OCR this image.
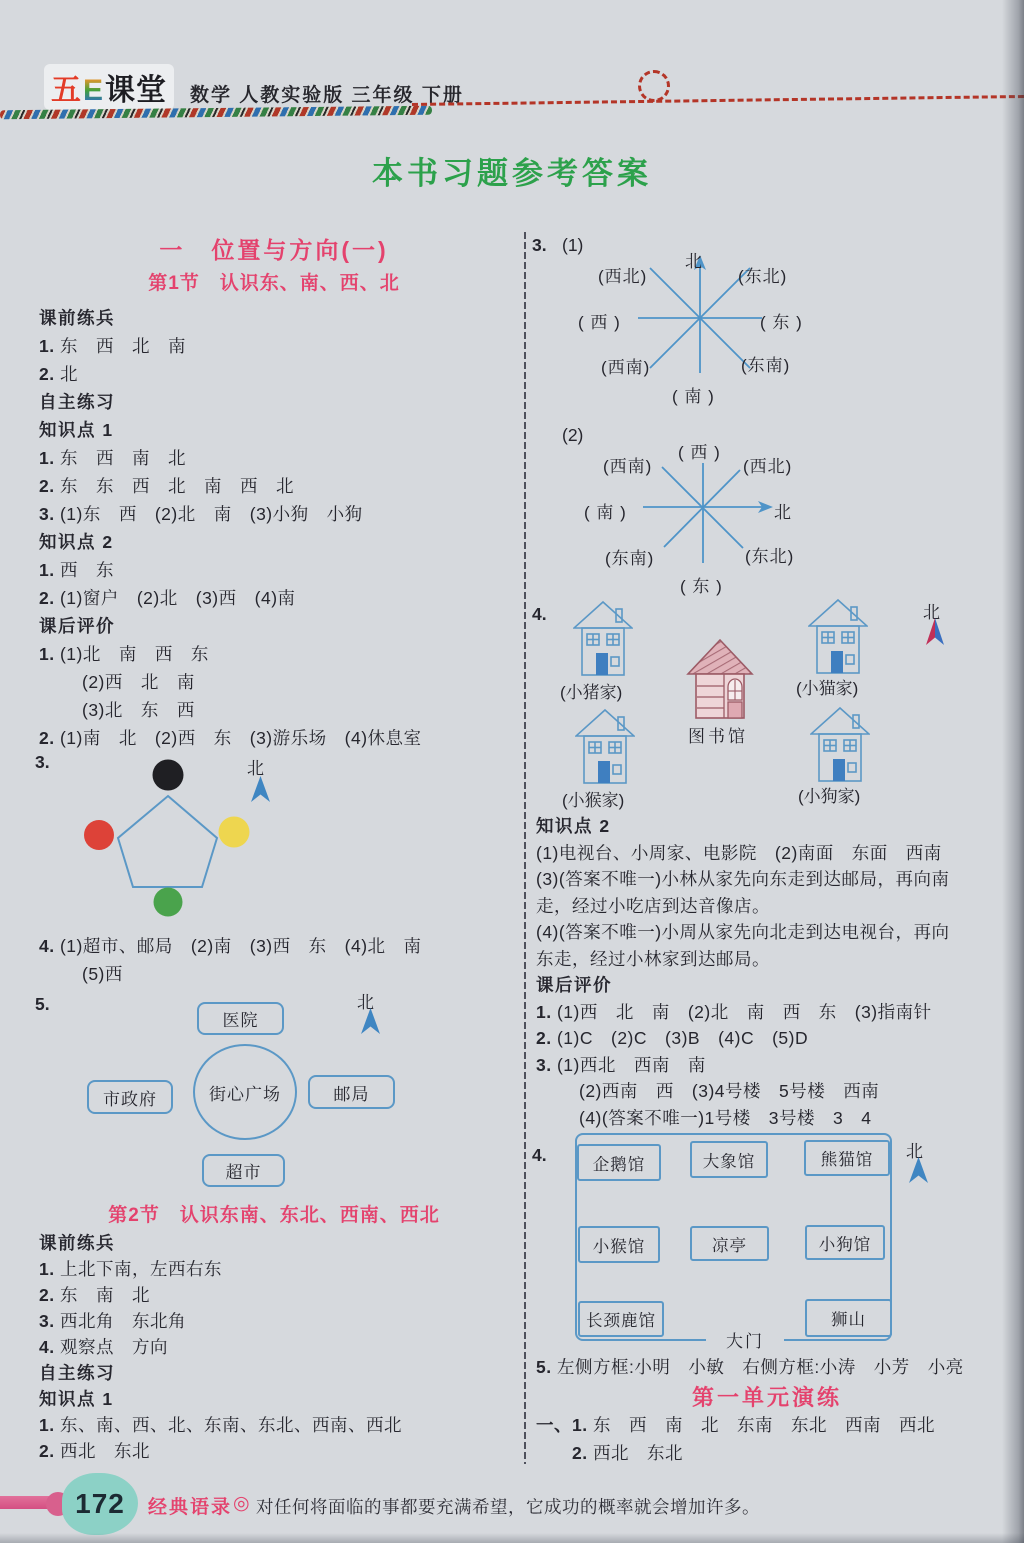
五E课堂	数学 人教实验版 三年级 下册
本书习题参考答案
一　位置与方向(一)
第1节　认识东、南、西、北
课前练兵
1. 东　西　北　南
2. 北
自主练习
知识点 1
1. 东　西　南　北
2. 东　东　西　北　南　西　北
3. (1)东　西　(2)北　南　(3)小狗　小狗
知识点 2
1. 西　东
2. (1)窗户　(2)北　(3)西　(4)南
课后评价
1. (1)北　南　西　东
(2)西　北　南
(3)北　东　西
2. (1)南　北　(2)西　东　(3)游乐场　(4)休息室
3.	北
4. (1)超市、邮局　(2)南　(3)西　东　(4)北　南
(5)西
5.
医院
街心广场
市政府	邮局
超市
北
第2节　认识东南、东北、西南、西北
课前练兵
1. 上北下南，左西右东
2. 东　南　北
3. 西北角　东北角
4. 观察点　方向
自主练习
知识点 1
1. 东、南、西、北、东南、东北、西南、西北
2. 西北　东北
3. (1)
北
(西北)	(东北)
( 西 )	( 东 )
(西南)	(东南)
( 南 )
(2)
( 西 )
(西南)	(西北)
( 南 )	北
(东南)	(东北)
( 东 )
4.
(小猪家)	(小猫家)
图书馆
(小猴家)	(小狗家)
北
知识点 2
(1)电视台、小周家、电影院　(2)南面　东面　西南
(3)(答案不唯一)小林从家先向东走到达邮局，再向南
走，经过小吃店到达音像店。
(4)(答案不唯一)小周从家先向北走到达电视台，再向
东走，经过小林家到达邮局。
课后评价
1. (1)西　北　南　(2)北　南　西　东　(3)指南针
2. (1)C　(2)C　(3)B　(4)C　(5)D
3. (1)西北　西南　南
(2)西南　西　(3)4号楼　5号楼　西南
(4)(答案不唯一)1号楼　3号楼　3　4
4.	企鹅馆	大象馆	熊猫馆
小猴馆	凉亭	小狗馆
长颈鹿馆	狮山
大门
北
5. 左侧方框:小明　小敏　右侧方框:小涛　小芳　小亮
第一单元演练
一、1. 东　西　南　北　东南　东北　西南　西北
2. 西北　东北
172 经典语录 ◎ 对任何将面临的事都要充满希望，它成功的概率就会增加许多。
